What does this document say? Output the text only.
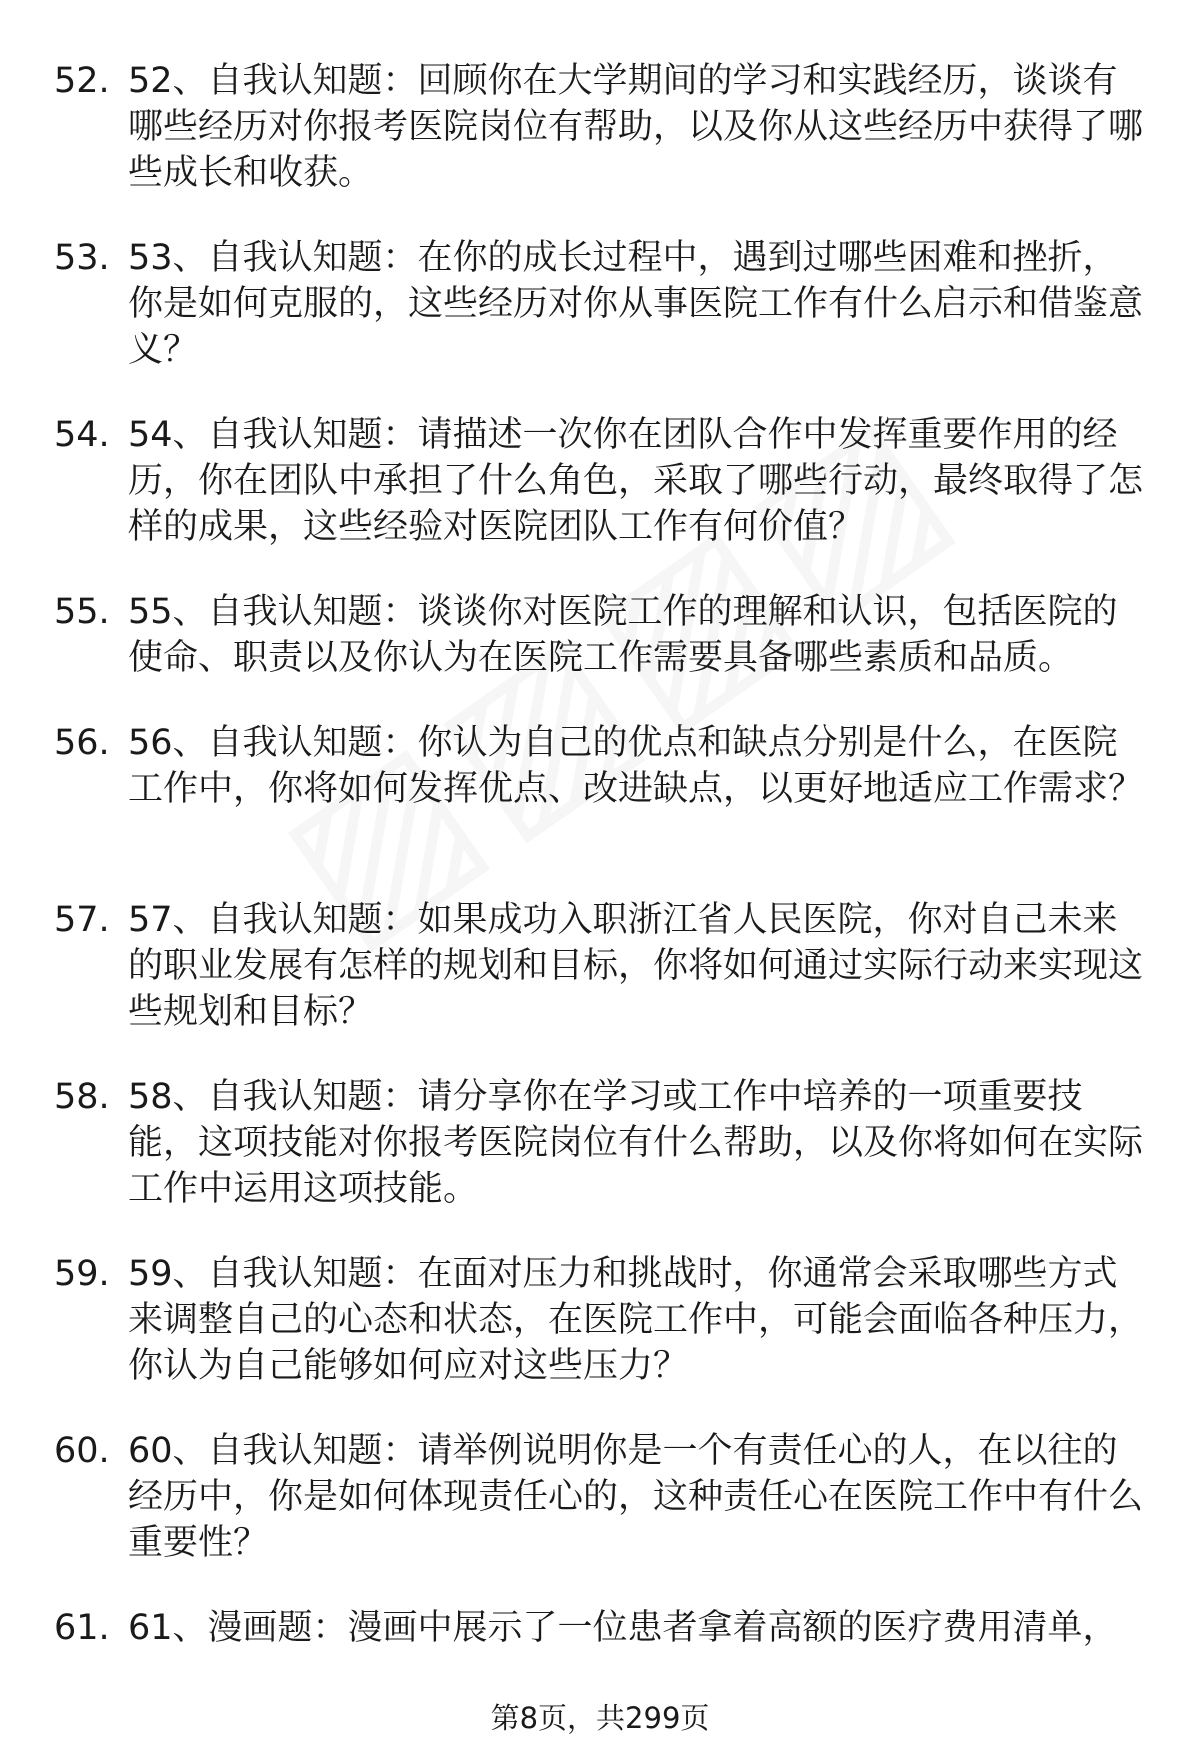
52. 52、自我认知题：回顾你在大学期间的学习和实践经历，谈谈有哪些经历对你报考医院岗位有帮助，以及你从这些经历中获得了哪些成长和收获。
53. 53、自我认知题：在你的成长过程中，遇到过哪些困难和挫折，你是如何克服的，这些经历对你从事医院工作有什么启示和借鉴意义？
54. 54、自我认知题：请描述一次你在团队合作中发挥重要作用的经历，你在团队中承担了什么角色，采取了哪些行动，最终取得了怎样的成果，这些经验对医院团队工作有何价值？
55. 55、自我认知题：谈谈你对医院工作的理解和认识，包括医院的使命、职责以及你认为在医院工作需要具备哪些素质和品质。
56. 56、自我认知题：你认为自己的优点和缺点分别是什么，在医院工作中，你将如何发挥优点、改进缺点，以更好地适应工作需求？
57. 57、自我认知题：如果成功入职浙江省人民医院，你对自己未来的职业发展有怎样的规划和目标，你将如何通过实际行动来实现这些规划和目标？
58. 58、自我认知题：请分享你在学习或工作中培养的一项重要技能，这项技能对你报考医院岗位有什么帮助，以及你将如何在实际工作中运用这项技能。
59. 59、自我认知题：在面对压力和挑战时，你通常会采取哪些方式来调整自己的心态和状态，在医院工作中，可能会面临各种压力，你认为自己能够如何应对这些压力？
60. 60、自我认知题：请举例说明你是一个有责任心的人，在以往的经历中，你是如何体现责任心的，这种责任心在医院工作中有什么重要性？
61. 61、漫画题：漫画中展示了一位患者拿着高额的医疗费用清单，
第8页，共299页
